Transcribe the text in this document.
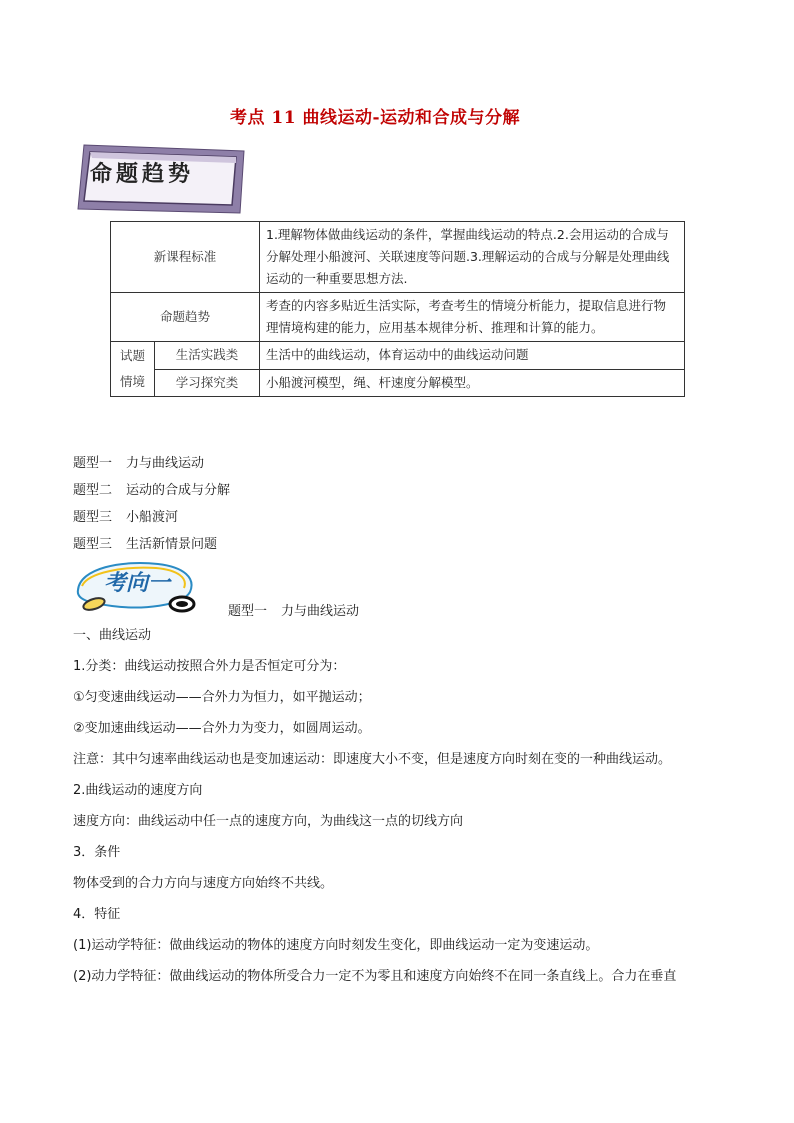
考点 11 曲线运动-运动和合成与分解
命题趋势
新课程标准		1.理解物体做曲线运动的条件，掌握曲线运动的特点.2.会用运动的合成与分解处理小船渡河、关联速度等问题.3.理解运动的合成与分解是处理曲线运动的一种重要思想方法.
命题趋势		考查的内容多贴近生活实际，考查考生的情境分析能力，提取信息进行物理情境构建的能力，应用基本规律分析、推理和计算的能力。
试题
情境	生活实践类	生活中的曲线运动，体育运动中的曲线运动问题
	学习探究类	小船渡河模型，绳、杆速度分解模型。
题型一 力与曲线运动
题型二 运动的合成与分解
题型三 小船渡河
题型三 生活新情景问题
考向一
题型一 力与曲线运动

一、曲线运动

1.分类：曲线运动按照合外力是否恒定可分为：

①匀变速曲线运动——合外力为恒力，如平抛运动；

②变加速曲线运动——合外力为变力，如圆周运动。

注意：其中匀速率曲线运动也是变加速运动：即速度大小不变，但是速度方向时刻在变的一种曲线运动。

2.曲线运动的速度方向

速度方向：曲线运动中任一点的速度方向，为曲线这一点的切线方向

3．条件

物体受到的合力方向与速度方向始终不共线。

4．特征

(1)运动学特征：做曲线运动的物体的速度方向时刻发生变化，即曲线运动一定为变速运动。

(2)动力学特征：做曲线运动的物体所受合力一定不为零且和速度方向始终不在同一条直线上。合力在垂直
